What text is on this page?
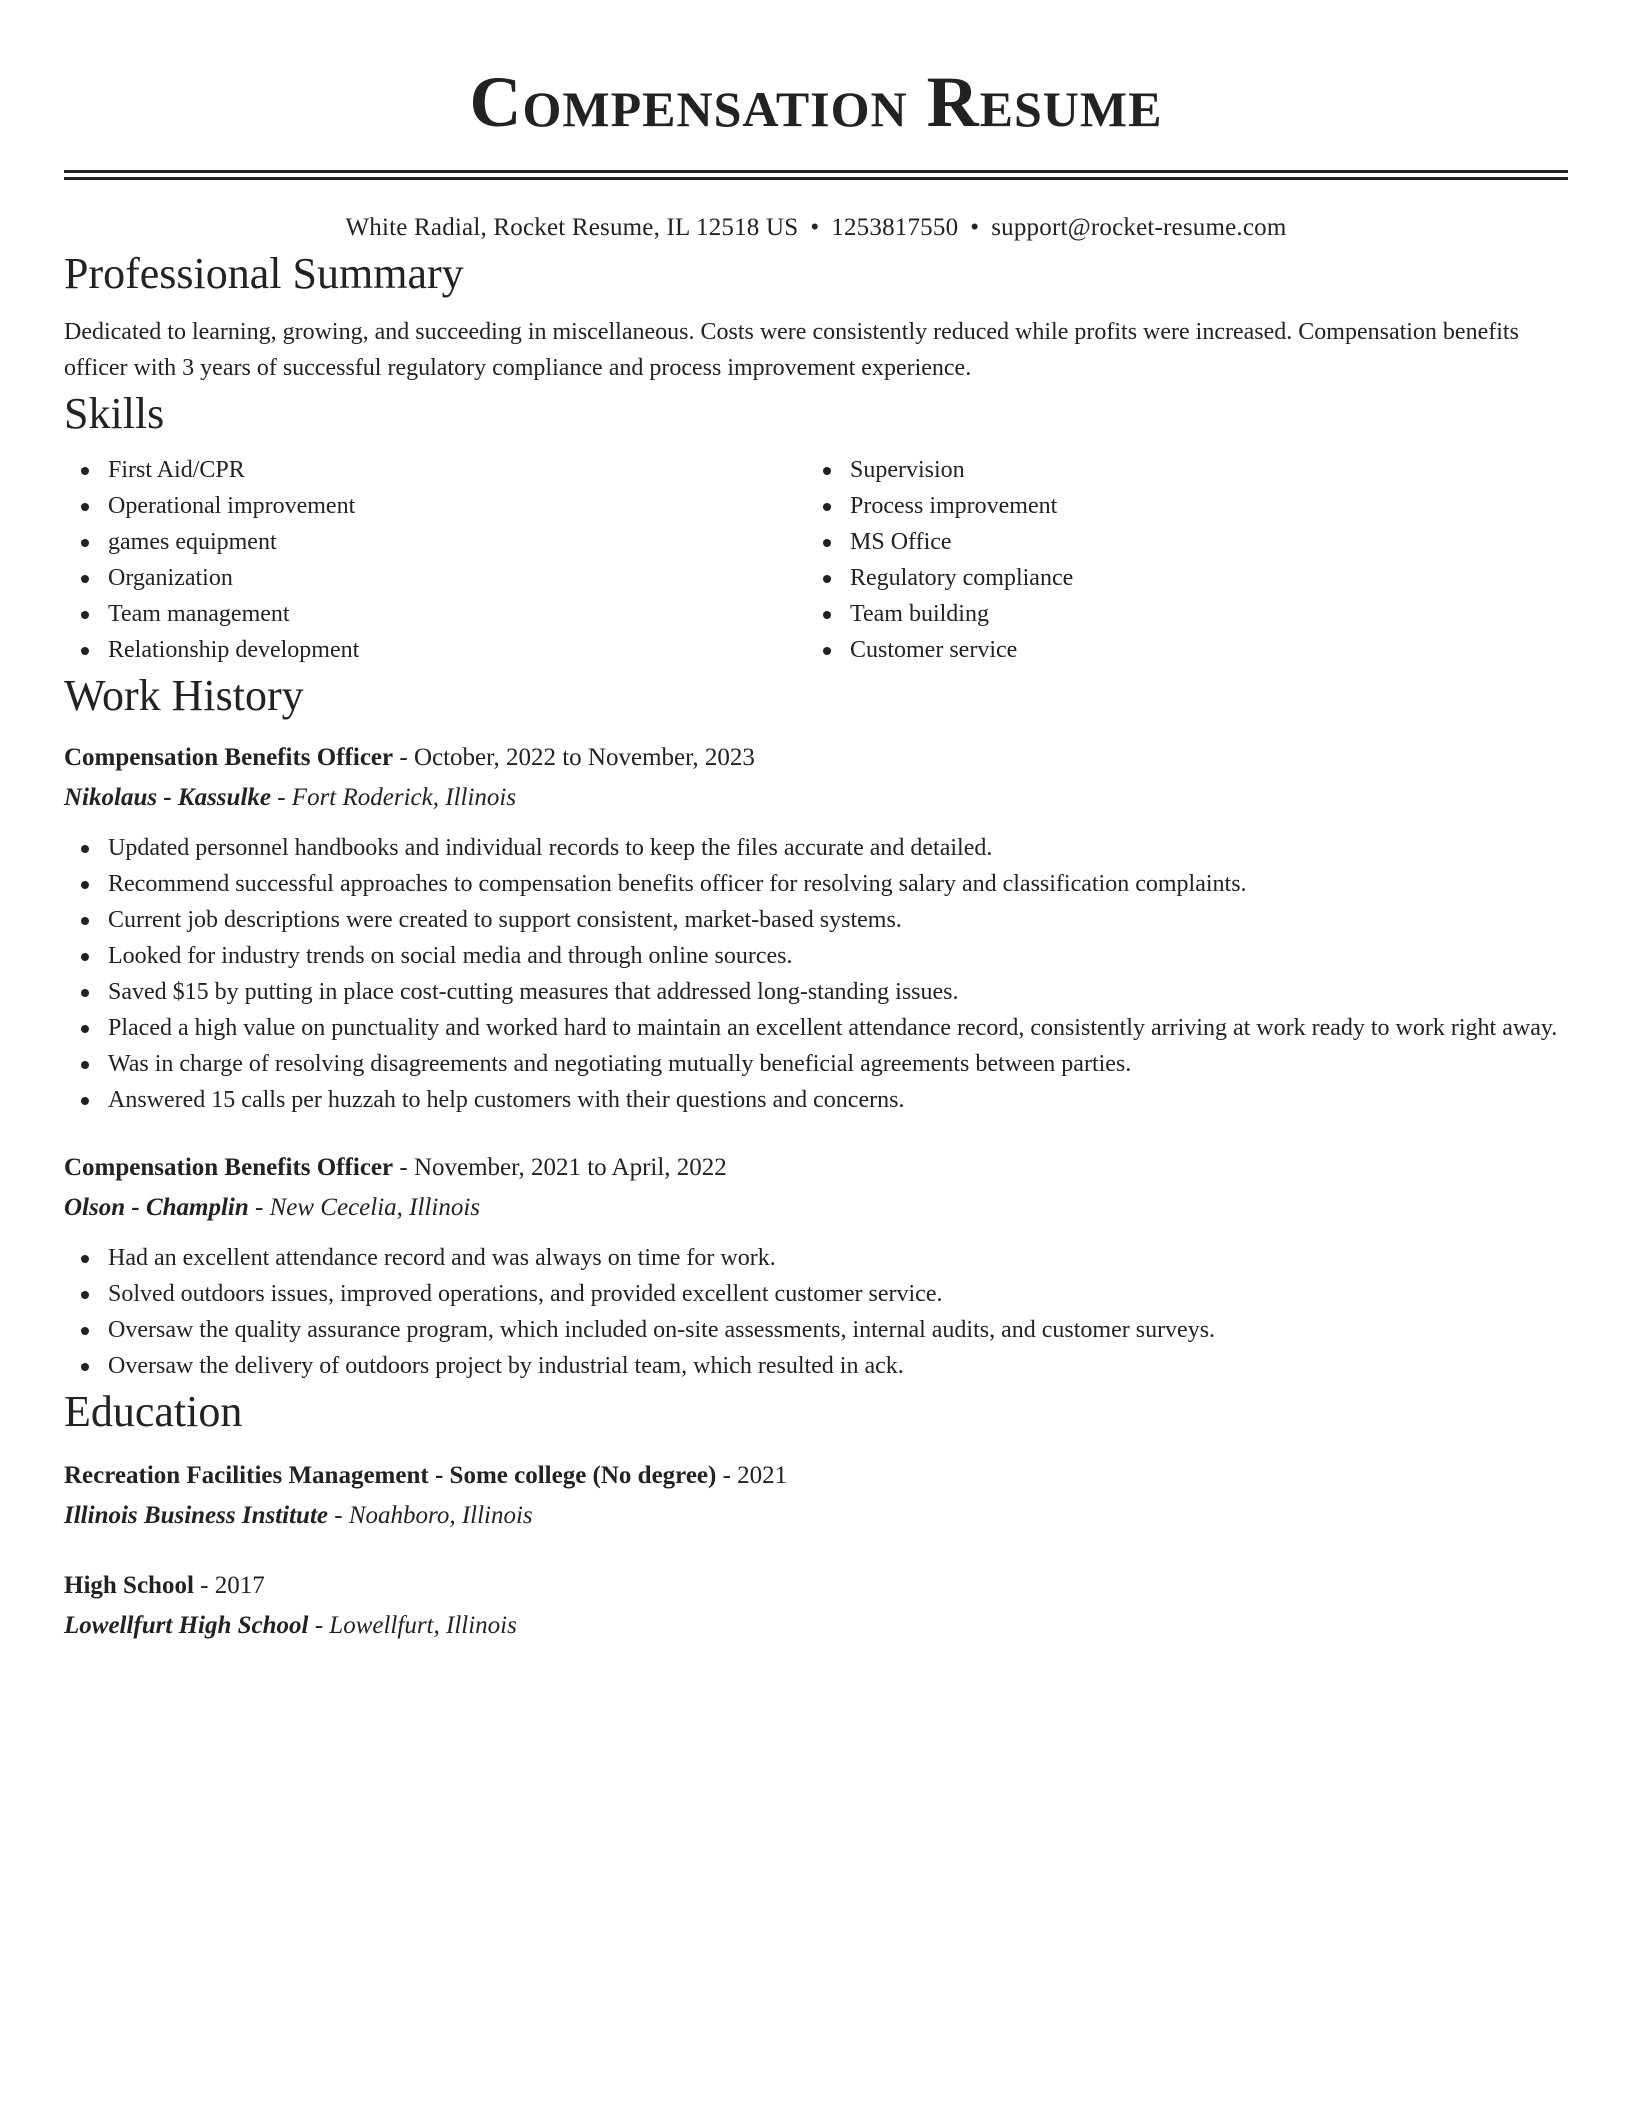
Compensation Resume
White Radial, Rocket Resume, IL 12518 US • 1253817550 • support@rocket-resume.com
Professional Summary
Dedicated to learning, growing, and succeeding in miscellaneous. Costs were consistently reduced while profits were increased. Compensation benefits officer with 3 years of successful regulatory compliance and process improvement experience.
Skills
First Aid/CPR
Operational improvement
games equipment
Organization
Team management
Relationship development
Supervision
Process improvement
MS Office
Regulatory compliance
Team building
Customer service
Work History
Compensation Benefits Officer - October, 2022 to November, 2023
Nikolaus - Kassulke - Fort Roderick, Illinois
Updated personnel handbooks and individual records to keep the files accurate and detailed.
Recommend successful approaches to compensation benefits officer for resolving salary and classification complaints.
Current job descriptions were created to support consistent, market-based systems.
Looked for industry trends on social media and through online sources.
Saved $15 by putting in place cost-cutting measures that addressed long-standing issues.
Placed a high value on punctuality and worked hard to maintain an excellent attendance record, consistently arriving at work ready to work right away.
Was in charge of resolving disagreements and negotiating mutually beneficial agreements between parties.
Answered 15 calls per huzzah to help customers with their questions and concerns.
Compensation Benefits Officer - November, 2021 to April, 2022
Olson - Champlin - New Cecelia, Illinois
Had an excellent attendance record and was always on time for work.
Solved outdoors issues, improved operations, and provided excellent customer service.
Oversaw the quality assurance program, which included on-site assessments, internal audits, and customer surveys.
Oversaw the delivery of outdoors project by industrial team, which resulted in ack.
Education
Recreation Facilities Management - Some college (No degree) - 2021
Illinois Business Institute - Noahboro, Illinois
High School - 2017
Lowellfurt High School - Lowellfurt, Illinois
